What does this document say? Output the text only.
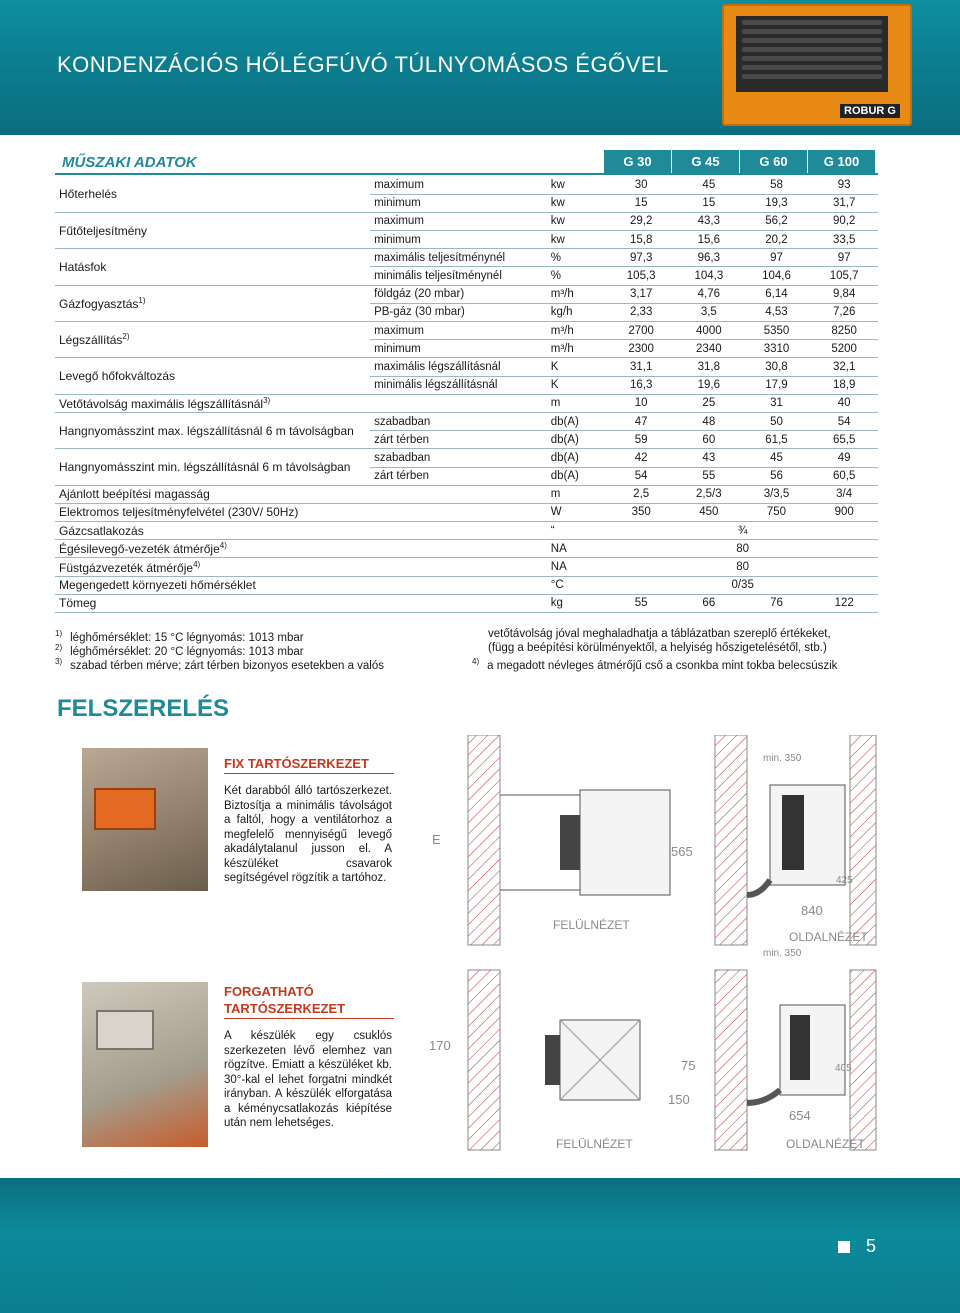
KONDENZÁCIÓS HŐLÉGFÚVÓ TÚLNYOMÁSOS ÉGŐVEL
ROBUR G
MŰSZAKI ADATOK	G 30	G 45	G 60	G 100
Hőterhelés	maximum	kw	30	45	58	93
	minimum	kw	15	15	19,3	31,7
Fűtőteljesítmény	maximum	kw	29,2	43,3	56,2	90,2
	minimum	kw	15,8	15,6	20,2	33,5
Hatásfok	maximális teljesítménynél	%	97,3	96,3	97	97
	minimális teljesítménynél	%	105,3	104,3	104,6	105,7
Gázfogyasztás$^{1)}$	földgáz (20 mbar)	m³/h	3,17	4,76	6,14	9,84
	PB-gáz (30 mbar)	kg/h	2,33	3,5	4,53	7,26
Légszállítás$^{2)}$	maximum	m³/h	2700	4000	5350	8250
	minimum	m³/h	2300	2340	3310	5200
Levegő hőfokváltozás	maximális légszállításnál	K	31,1	31,8	30,8	32,1
	minimális légszállításnál	K	16,3	19,6	17,9	18,9
Vetőtávolság maximális légszállításnál$^{3)}$		m	10	25	31	40
Hangnyomásszint max. légszállításnál 6 m távolságban	szabadban	db(A)	47	48	50	54
	zárt térben	db(A)	59	60	61,5	65,5
Hangnyomásszint min. légszállításnál 6 m távolságban	szabadban	db(A)	42	43	45	49
	zárt térben	db(A)	54	55	56	60,5
Ajánlott beépítési magasság		m	2,5	2,5/3	3/3,5	3/4
Elektromos teljesítményfelvétel (230V/ 50Hz)		W	350	450	750	900
Gázcsatlakozás		“	¾			
Égésilevegő-vezeték átmérője$^{4)}$		NA	80			
Füstgázvezeték átmérője$^{4)}$		NA	80			
Megengedett környezeti hőmérséklet		°C	0/35			
Tömeg		kg	55	66	76	122
$^{1)}$ léghőmérséklet: 15 °C légnyomás: 1013 mbar
$^{2)}$ léghőmérséklet: 20 °C légnyomás: 1013 mbar
$^{3)}$ szabad térben mérve; zárt térben bizonyos esetekben a valós
vetőtávolság jóval meghaladhatja a táblázatban szereplő értékeket,
(függ a beépítési körülményektől, a helyiség hőszigetelésétől, stb.)
$^{4)}$ a megadott névleges átmérőjű cső a csonkba mint tokba belecsúszik
FELSZERELÉS
FIX TARTÓSZERKEZET
Két darabból álló tartószerkezet. Biztosítja a minimális távolságot a faltól, hogy a ventilátorhoz a megfelelő mennyiségű levegő akadálytalanul jusson el. A készüléket csavarok segítségével rögzítik a tartóhoz.
FORGATHATÓ
TARTÓSZERKEZET
A készülék egy csuklós szerkezeten lévő elemhez van rögzítve. Emiatt a készüléket kb. 30°-kal el lehet forgatni mindkét irányban. A készülék elforgatása a kéménycsatlakozás kiépítése után nem lehetséges.
FELÜLNÉZET
OLDALNÉZET
FELÜLNÉZET	OLDALNÉZET
min. 350
min. 350
E
565
425
840
170
150
75	405
654
5
